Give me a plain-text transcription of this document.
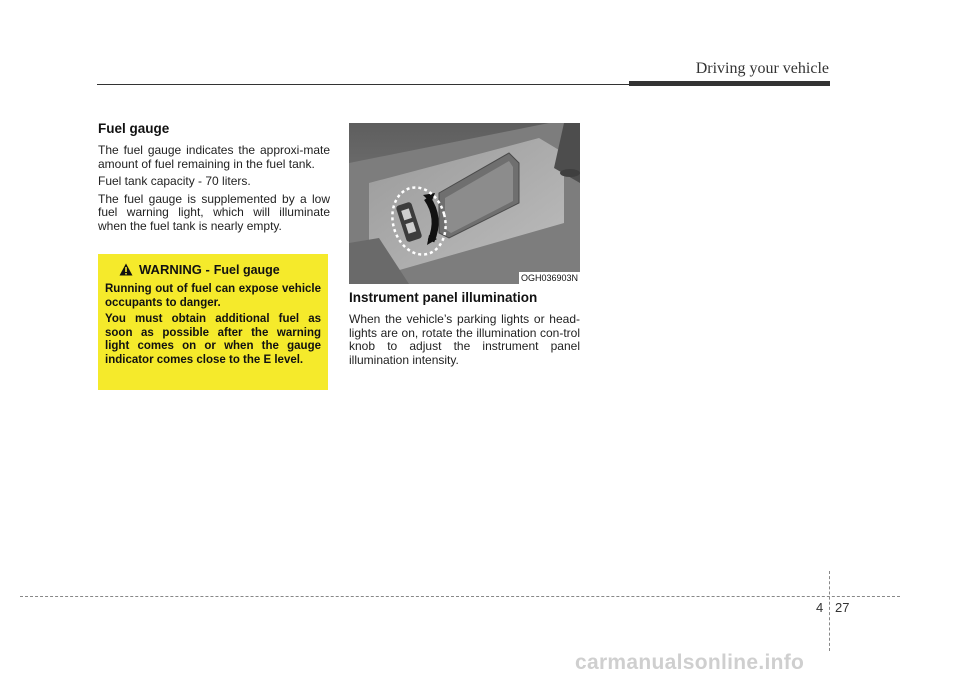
Driving your vehicle
Fuel gauge

The fuel gauge indicates the approxi-mate amount of fuel remaining in the fuel tank.

Fuel tank capacity - 70 liters.

The fuel gauge is supplemented by a low fuel warning light, which will illuminate when the fuel tank is nearly empty.

WARNING - Fuel gauge

Running out of fuel can expose vehicle occupants to danger.

You must obtain additional fuel as soon as possible after the warning light comes on or when the gauge indicator comes close to the E level.

OGH036903N
Instrument panel illumination

When the vehicle’s parking lights or head-lights are on, rotate the illumination con-trol knob to adjust the instrument panel illumination intensity.

4 27
carmanualsonline.info
